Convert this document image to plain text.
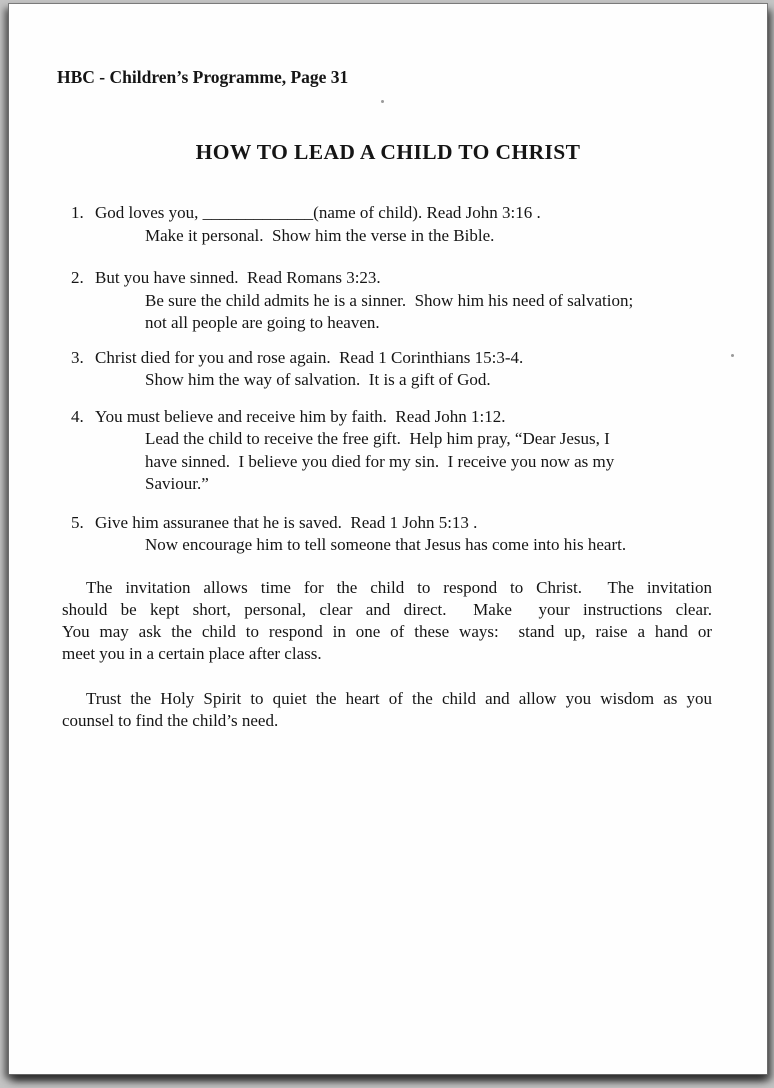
HBC - Children’s Programme, Page 31
HOW TO LEAD A CHILD TO CHRIST
1. God loves you, _____________(name of child). Read John 3:16 .
Make it personal.  Show him the verse in the Bible.
2. But you have sinned.  Read Romans 3:23.
Be sure the child admits he is a sinner.  Show him his need of salvation;
not all people are going to heaven.
3. Christ died for you and rose again.  Read 1 Corinthians 15:3-4.
Show him the way of salvation.  It is a gift of God.
4. You must believe and receive him by faith.  Read John 1:12.
Lead the child to receive the free gift.  Help him pray, “Dear Jesus, I
have sinned.  I believe you died for my sin.  I receive you now as my
Saviour.”
5. Give him assuranee that he is saved.  Read 1 John 5:13 .
Now encourage him to tell someone that Jesus has come into his heart.
The invitation allows time for the child to respond to Christ.  The invitation
should be kept short, personal, clear and direct.  Make  your instructions clear.
You may ask the child to respond in one of these ways:  stand up, raise a hand or
meet you in a certain place after class.
Trust the Holy Spirit to quiet the heart of the child and allow you wisdom as you
counsel to find the child’s need.
